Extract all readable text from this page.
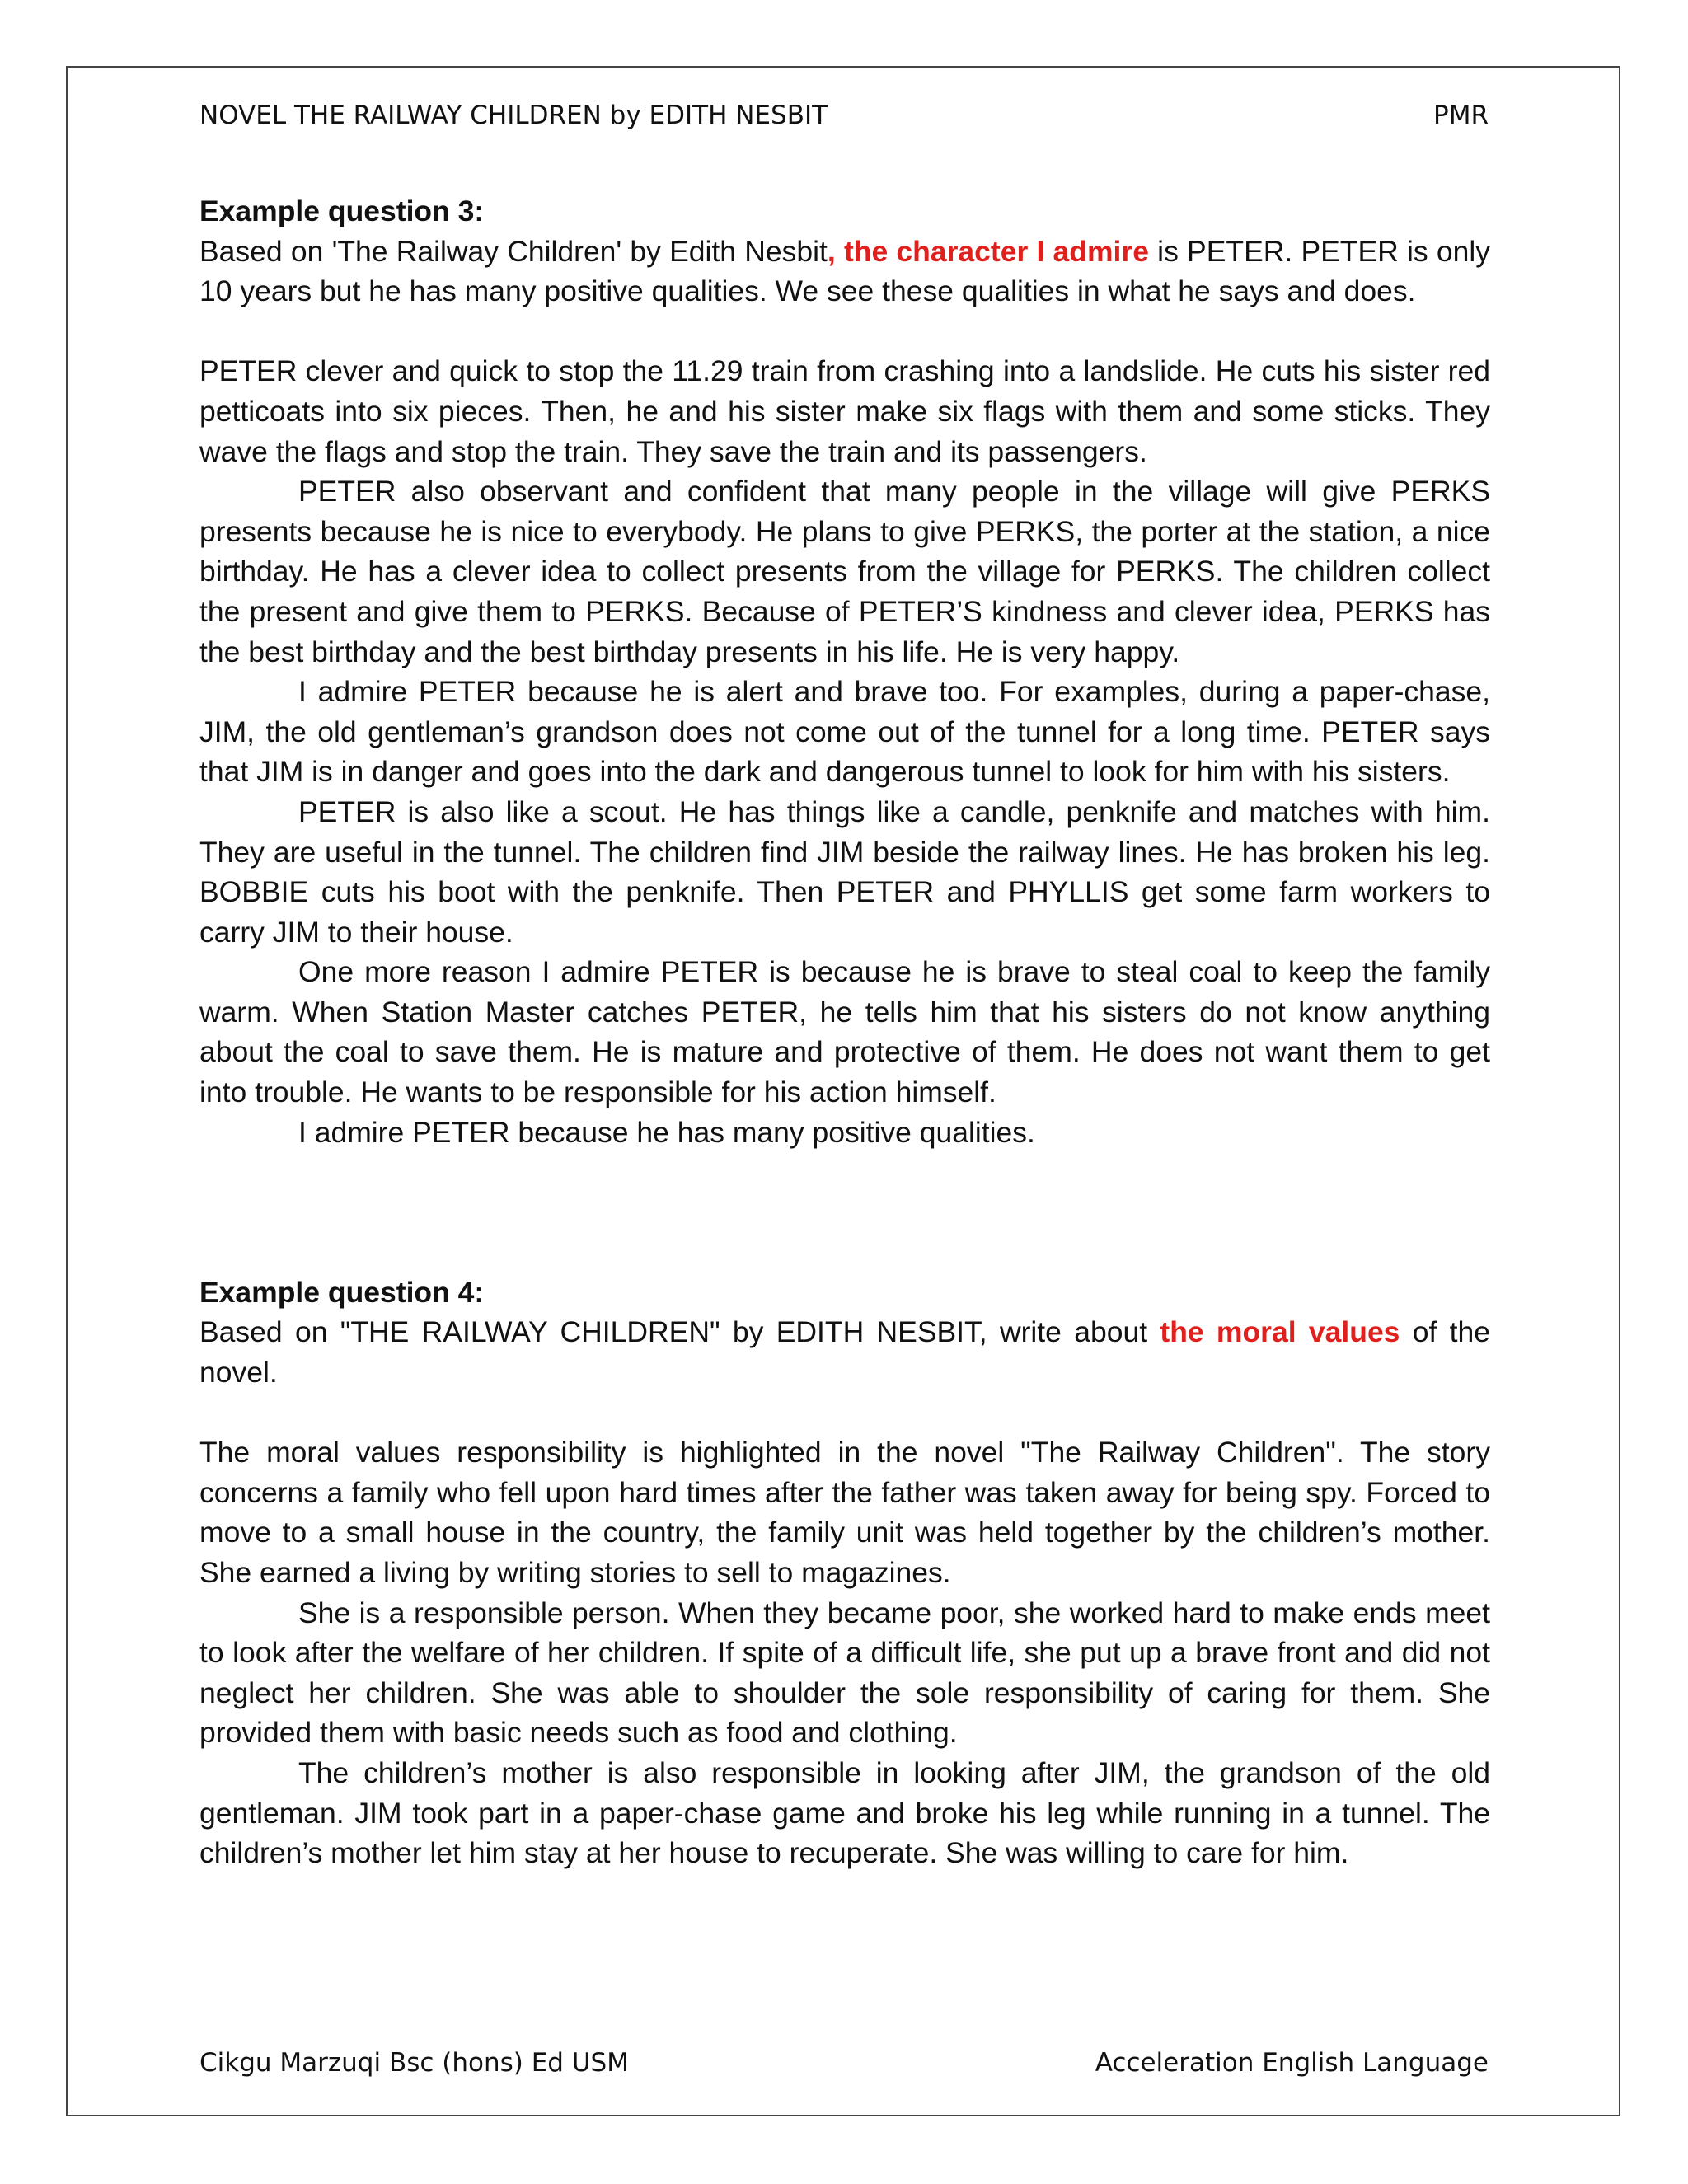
NOVEL THE RAILWAY CHILDREN by EDITH NESBIT	PMR
Example question 3:

Based on 'The Railway Children' by Edith Nesbit, the character I admire is PETER. PETER is only 10 years but he has many positive qualities. We see these qualities in what he says and does.

PETER clever and quick to stop the 11.29 train from crashing into a landslide. He cuts his sister red petticoats into six pieces. Then, he and his sister make six flags with them and some sticks. They wave the flags and stop the train. They save the train and its passengers.

PETER also observant and confident that many people in the village will give PERKS presents because he is nice to everybody. He plans to give PERKS, the porter at the station, a nice birthday. He has a clever idea to collect presents from the village for PERKS. The children collect the present and give them to PERKS. Because of PETER’S kindness and clever idea, PERKS has the best birthday and the best birthday presents in his life. He is very happy.

I admire PETER because he is alert and brave too. For examples, during a paper-chase, JIM, the old gentleman’s grandson does not come out of the tunnel for a long time. PETER says that JIM is in danger and goes into the dark and dangerous tunnel to look for him with his sisters.

PETER is also like a scout. He has things like a candle, penknife and matches with him. They are useful in the tunnel. The children find JIM beside the railway lines. He has broken his leg. BOBBIE cuts his boot with the penknife. Then PETER and PHYLLIS get some farm workers to carry JIM to their house.

One more reason I admire PETER is because he is brave to steal coal to keep the family warm. When Station Master catches PETER, he tells him that his sisters do not know anything about the coal to save them. He is mature and protective of them. He does not want them to get into trouble. He wants to be responsible for his action himself.

I admire PETER because he has many positive qualities.

Example question 4:

Based on "THE RAILWAY CHILDREN" by EDITH NESBIT, write about the moral values of the novel.

The moral values responsibility is highlighted in the novel "The Railway Children". The story concerns a family who fell upon hard times after the father was taken away for being spy. Forced to move to a small house in the country, the family unit was held together by the children’s mother. She earned a living by writing stories to sell to magazines.

She is a responsible person. When they became poor, she worked hard to make ends meet to look after the welfare of her children. If spite of a difficult life, she put up a brave front and did not neglect her children. She was able to shoulder the sole responsibility of caring for them. She provided them with basic needs such as food and clothing.

The children’s mother is also responsible in looking after JIM, the grandson of the old gentleman. JIM took part in a paper-chase game and broke his leg while running in a tunnel. The children’s mother let him stay at her house to recuperate. She was willing to care for him.

Cikgu Marzuqi Bsc (hons) Ed USM	Acceleration English Language
